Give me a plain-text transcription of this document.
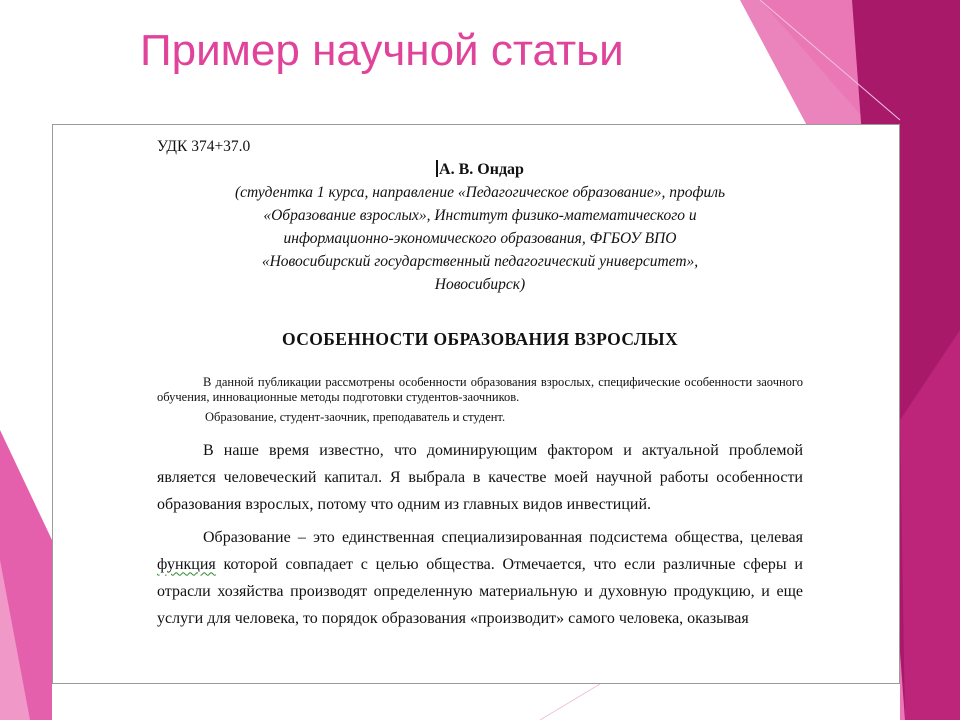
Пример научной статьи

УДК 374+37.0

А. В. Ондар

(студентка 1 курса, направление «Педагогическое образование», профиль

«Образование взрослых», Институт физико-математического и

информационно-экономического образования, ФГБОУ ВПО

«Новосибирский государственный педагогический университет»,

Новосибирск)

ОСОБЕННОСТИ ОБРАЗОВАНИЯ ВЗРОСЛЫХ

В данной публикации рассмотрены особенности образования взрослых, специфические особенности заочного обучения, инновационные методы подготовки студентов-заочников.

Образование, студент-заочник, преподаватель и студент.

В наше время известно, что доминирующим фактором и актуальной проблемой является человеческий капитал. Я выбрала в качестве моей научной работы особенности образования взрослых, потому что одним из главных видов инвестиций.

Образование – это единственная специализированная подсистема общества, целевая функция которой совпадает с целью общества. Отмечается, что если различные сферы и отрасли хозяйства производят определенную материальную и духовную продукцию, и еще услуги для человека, то порядок образования «производит» самого человека, оказывая
